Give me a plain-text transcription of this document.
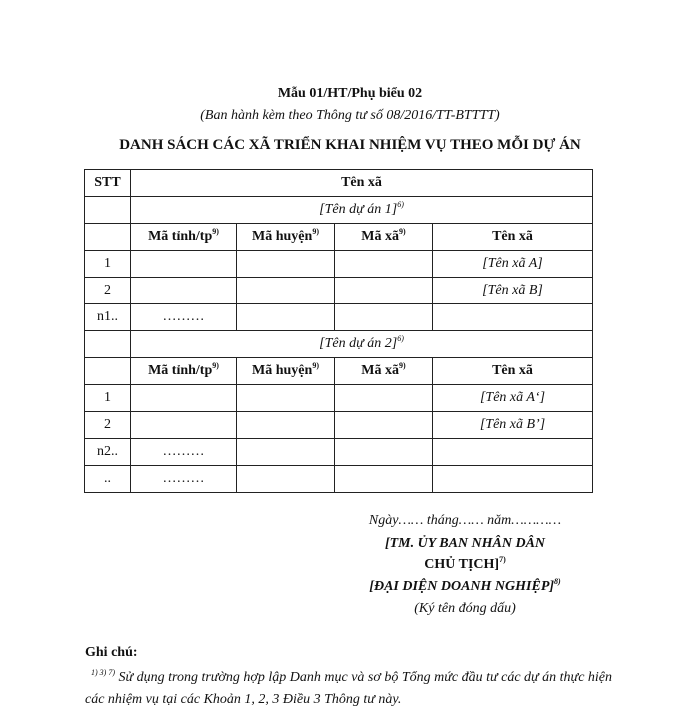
Mẫu 01/HT/Phụ biểu 02
(Ban hành kèm theo Thông tư số 08/2016/TT-BTTTT)
DANH SÁCH CÁC XÃ TRIỂN KHAI NHIỆM VỤ THEO MỖI DỰ ÁN
STT	Tên xã			
	[Tên dự án 1]$^{6)}$
	Mã tỉnh/$tp^{9)}$	Mã huyện$^{9)}$	Mã $xã^{9)}$	Tên xã
1				[Tên xã A]
2				[Tên xã B]
n1..	………			
	[Tên dự án 2]$^{6)}$
	Mã tỉnh/$tp^{9)}$	Mã huyện$^{9)}$	Mã $xã^{9)}$	Tên xã
1				[Tên xã A‘]
2				[Tên xã B’]
n2..	………			
..	………			
Ngày…… tháng…… năm…………
[TM. ỦY BAN NHÂN DÂN
CHỦ TỊCH]$^{7)}$
[ĐẠI DIỆN DOANH NGHIỆP]$^{8)}$
(Ký tên đóng dấu)
Ghi chú:
$^{1) 3) 7)}$ Sử dụng trong trường hợp lập Danh mục và sơ bộ Tổng mức đầu tư các dự án thực hiện các nhiệm vụ tại các Khoản 1, 2, 3 Điều 3 Thông tư này.
